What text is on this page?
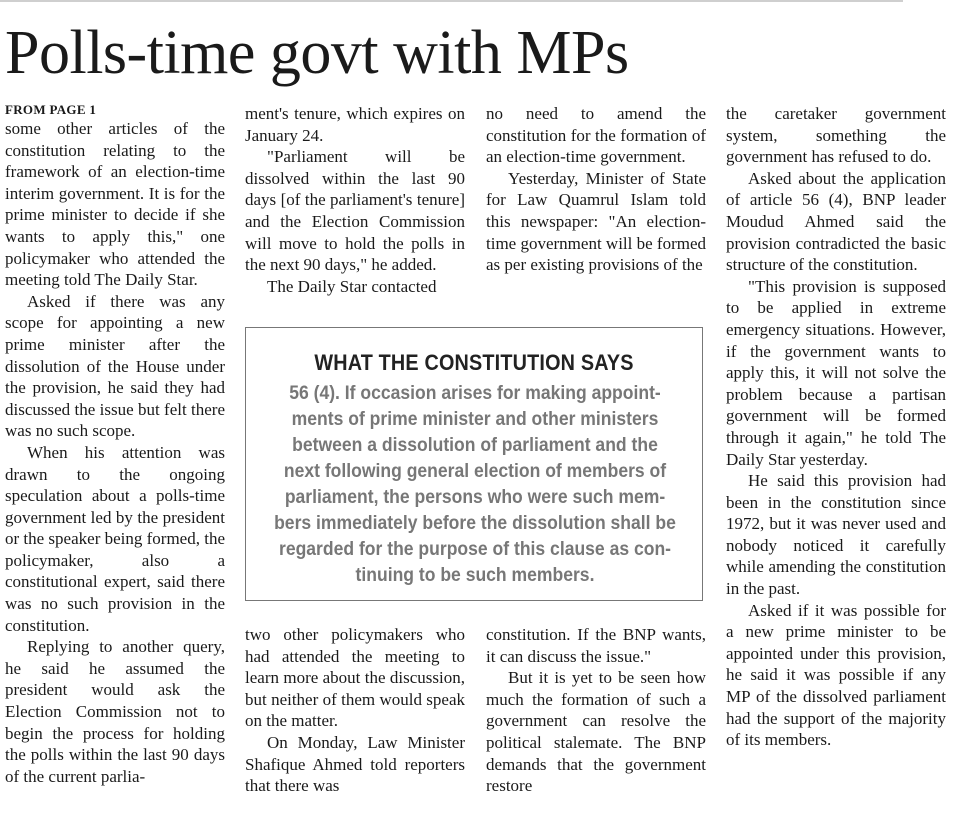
Polls-time govt with MPs
FROM PAGE 1

some other articles of the constitution relating to the framework of an election-time interim government. It is for the prime minister to decide if she wants to apply this," one policymaker who attended the meeting told The Daily Star.

Asked if there was any scope for appointing a new prime minister after the dissolution of the House under the provision, he said they had discussed the issue but felt there was no such scope.

When his attention was drawn to the ongoing speculation about a polls-time government led by the president or the speaker being formed, the policymaker, also a constitutional expert, said there was no such provision in the constitution.

Replying to another query, he said he assumed the president would ask the Election Commission not to begin the process for holding the polls within the last 90 days of the current parlia-

ment's tenure, which expires on January 24.

"Parliament will be dissolved within the last 90 days [of the parliament's tenure] and the Election Commission will move to hold the polls in the next 90 days," he added.

The Daily Star contacted

no need to amend the constitution for the formation of an election-time government.

Yesterday, Minister of State for Law Quamrul Islam told this newspaper: "An election-time government will be formed as per existing provisions of the

WHAT THE CONSTITUTION SAYS
56 (4). If occasion arises for making appoint-
ments of prime minister and other ministers
between a dissolution of parliament and the
next following general election of members of
parliament, the persons who were such mem-
bers immediately before the dissolution shall be
regarded for the purpose of this clause as con-
tinuing to be such members.

two other policymakers who had attended the meeting to learn more about the discussion, but neither of them would speak on the matter.

On Monday, Law Minister Shafique Ahmed told reporters that there was

constitution. If the BNP wants, it can discuss the issue."

But it is yet to be seen how much the formation of such a government can resolve the political stalemate. The BNP demands that the government restore

the caretaker government system, something the government has refused to do.

Asked about the application of article 56 (4), BNP leader Moudud Ahmed said the provision contradicted the basic structure of the constitution.

"This provision is supposed to be applied in extreme emergency situations. However, if the government wants to apply this, it will not solve the problem because a partisan government will be formed through it again," he told The Daily Star yesterday.

He said this provision had been in the constitution since 1972, but it was never used and nobody noticed it carefully while amending the constitution in the past.

Asked if it was possible for a new prime minister to be appointed under this provision, he said it was possible if any MP of the dissolved parliament had the support of the majority of its members.
